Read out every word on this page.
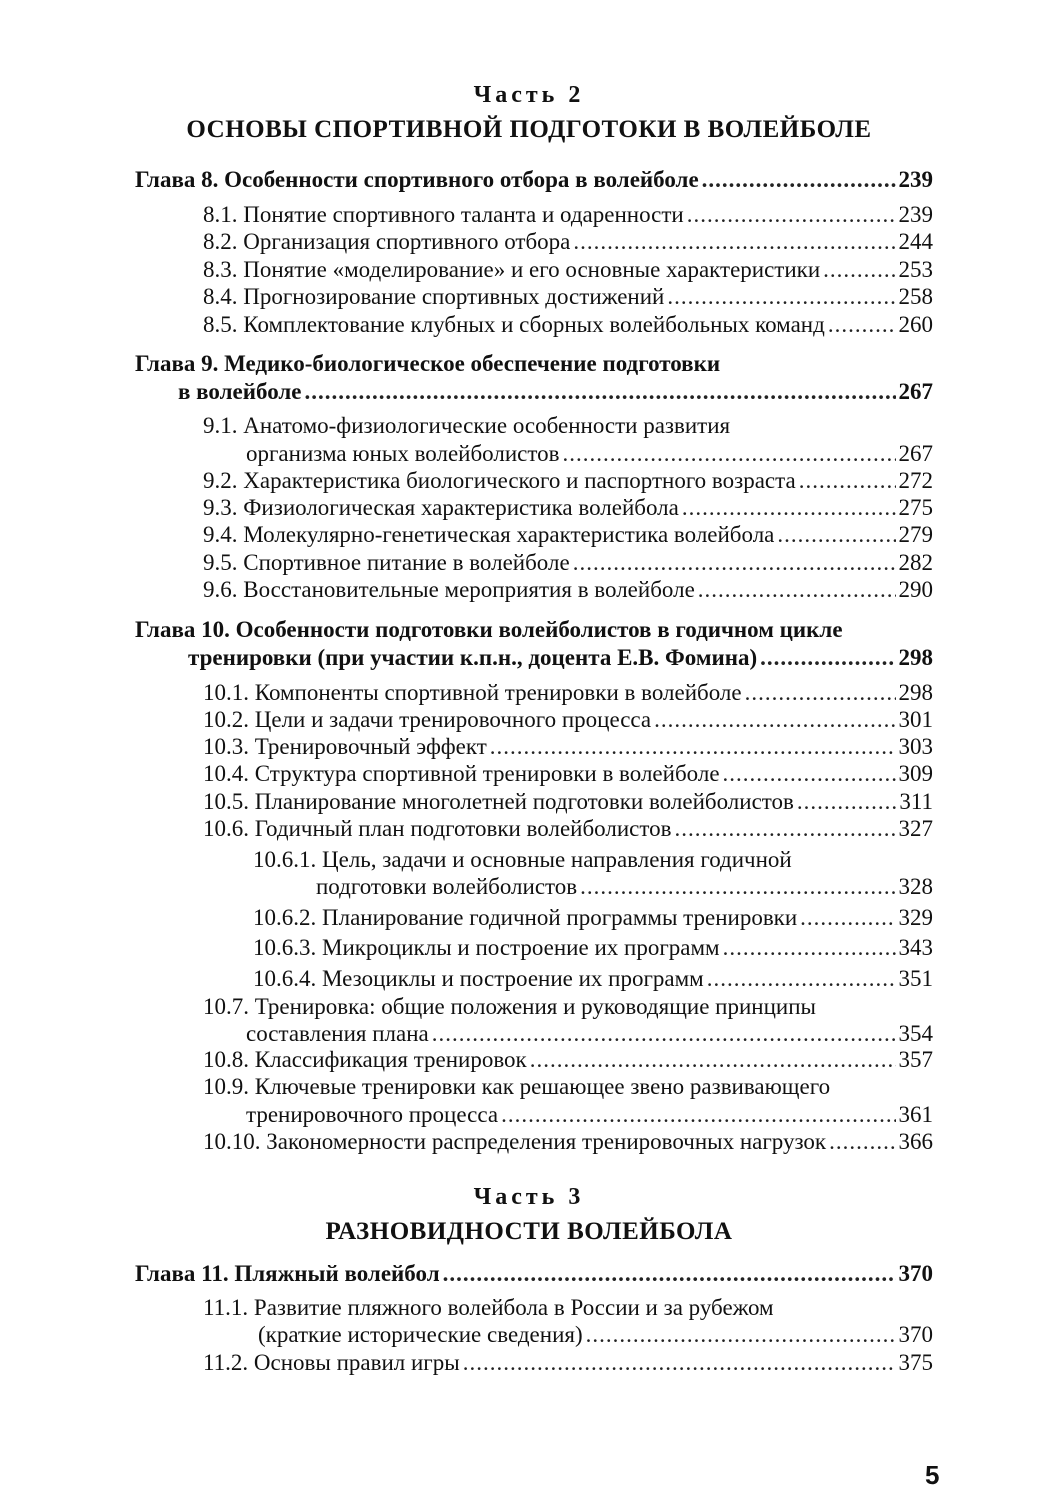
Часть 2
ОСНОВЫ СПОРТИВНОЙ ПОДГОТОКИ В ВОЛЕЙБОЛЕ
Глава 8. Особенности спортивного отбора в волейболе .....	239
8.1. Понятие спортивного таланта и одаренности .....	239
8.2. Организация спортивного отбора .....	244
8.3. Понятие «моделирование» и его основные характеристики .....	253
8.4. Прогнозирование спортивных достижений .....	258
8.5. Комплектование клубных и сборных волейбольных команд .....	260
Глава 9. Медико-биологическое обеспечение подготовки
в волейболе .....	267
9.1. Анатомо-физиологические особенности развития
организма юных волейболистов .....	267
9.2. Характеристика биологического и паспортного возраста .....	272
9.3. Физиологическая характеристика волейбола .....	275
9.4. Молекулярно-генетическая характеристика волейбола .....	279
9.5. Спортивное питание в волейболе .....	282
9.6. Восстановительные мероприятия в волейболе .....	290
Глава 10. Особенности подготовки волейболистов в годичном цикле
тренировки (при участии к.п.н., доцента Е.В. Фомина) .....	298
10.1. Компоненты спортивной тренировки в волейболе .....	298
10.2. Цели и задачи тренировочного процесса .....	301
10.3. Тренировочный эффект .....	303
10.4. Структура спортивной тренировки в волейболе .....	309
10.5. Планирование многолетней подготовки волейболистов .....	311
10.6. Годичный план подготовки волейболистов .....	327
10.6.1. Цель, задачи и основные направления годичной
подготовки волейболистов .....	328
10.6.2. Планирование годичной программы тренировки .....	329
10.6.3. Микроциклы и построение их программ .....	343
10.6.4. Мезоциклы и построение их программ .....	351
10.7. Тренировка: общие положения и руководящие принципы
составления плана .....	354
10.8. Классификация тренировок .....	357
10.9. Ключевые тренировки как решающее звено развивающего
тренировочного процесса .....	361
10.10. Закономерности распределения тренировочных нагрузок .....	366
Часть 3
РАЗНОВИДНОСТИ ВОЛЕЙБОЛА
Глава 11. Пляжный волейбол .....	370
11.1. Развитие пляжного волейбола в России и за рубежом
(краткие исторические сведения) .....	370
11.2. Основы правил игры .....	375
5
